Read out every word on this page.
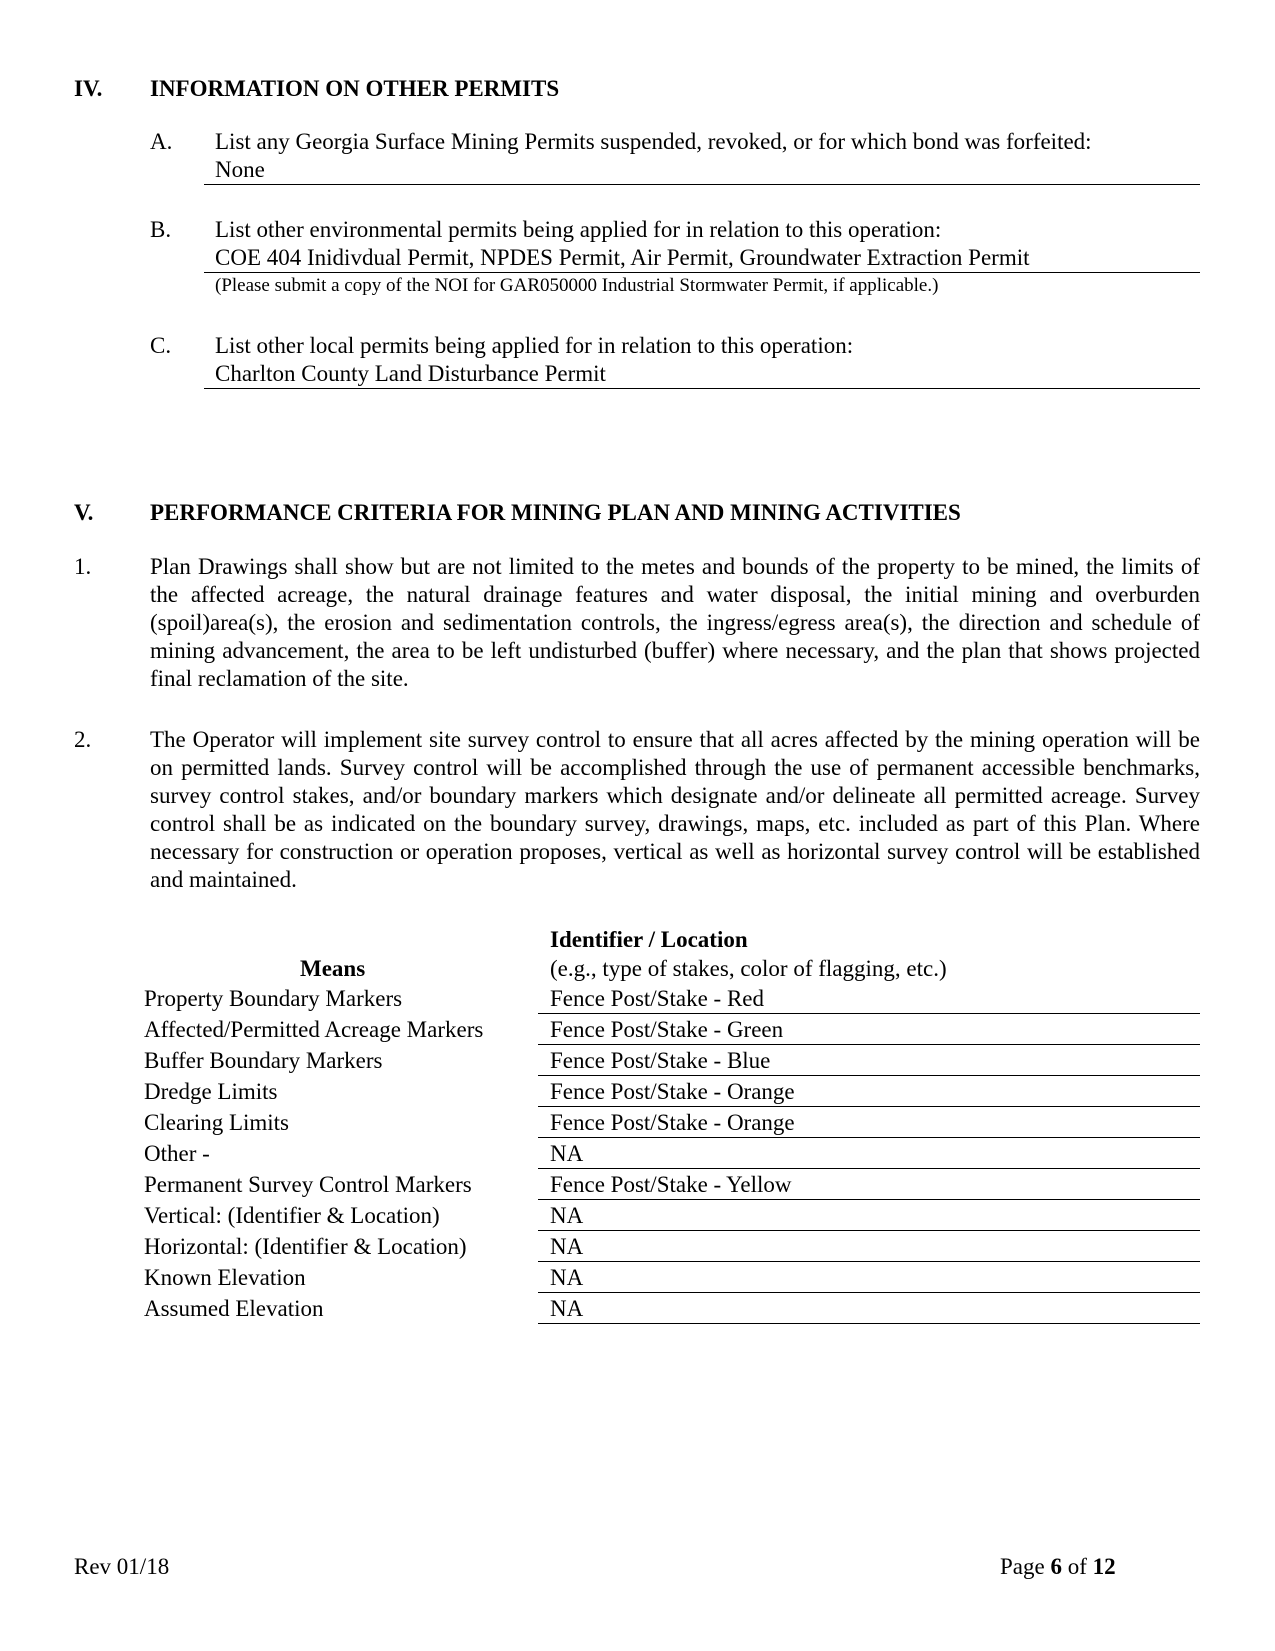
IV. INFORMATION ON OTHER PERMITS
A. List any Georgia Surface Mining Permits suspended, revoked, or for which bond was forfeited:
None
B. List other environmental permits being applied for in relation to this operation:
COE 404 Inidivdual Permit, NPDES Permit, Air Permit, Groundwater Extraction Permit
(Please submit a copy of the NOI for GAR050000 Industrial Stormwater Permit, if applicable.)
C. List other local permits being applied for in relation to this operation:
Charlton County Land Disturbance Permit
V. PERFORMANCE CRITERIA FOR MINING PLAN AND MINING ACTIVITIES
1.	Plan Drawings shall show but are not limited to the metes and bounds of the property to be mined, the limits of the affected acreage, the natural drainage features and water disposal, the initial mining and overburden (spoil)area(s), the erosion and sedimentation controls, the ingress/egress area(s), the direction and schedule of mining advancement, the area to be left undisturbed (buffer) where necessary, and the plan that shows projected final reclamation of the site.
2.	The Operator will implement site survey control to ensure that all acres affected by the mining operation will be on permitted lands. Survey control will be accomplished through the use of permanent accessible benchmarks, survey control stakes, and/or boundary markers which designate and/or delineate all permitted acreage. Survey control shall be as indicated on the boundary survey, drawings, maps, etc. included as part of this Plan. Where necessary for construction or operation proposes, vertical as well as horizontal survey control will be established and maintained.
Identifier / Location
Means	(e.g., type of stakes, color of flagging, etc.)
Property Boundary Markers	Fence Post/Stake - Red
Affected/Permitted Acreage Markers	Fence Post/Stake - Green
Buffer Boundary Markers	Fence Post/Stake - Blue
Dredge Limits	Fence Post/Stake - Orange
Clearing Limits	Fence Post/Stake - Orange
Other -	NA
Permanent Survey Control Markers	Fence Post/Stake - Yellow
Vertical: (Identifier & Location)	NA
Horizontal: (Identifier & Location)	NA
Known Elevation	NA
Assumed Elevation	NA
Rev 01/18	Page 6 of 12
